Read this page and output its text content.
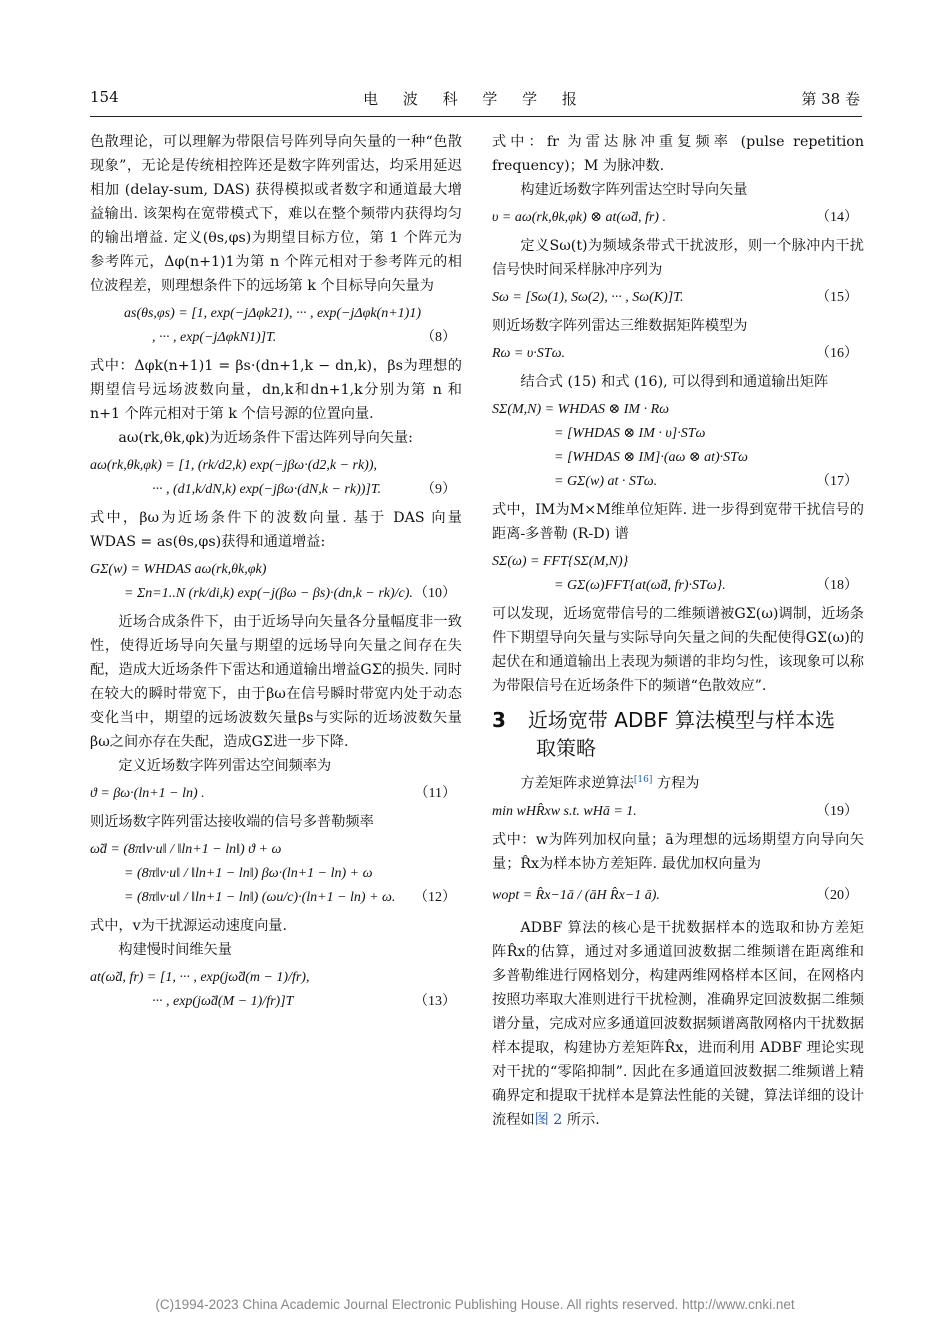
154	电 波 科 学 学 报	第 38 卷

色散理论，可以理解为带限信号阵列导向矢量的一种“色散现象”，无论是传统相控阵还是数字阵列雷达，均采用延迟相加 (delay-sum, DAS) 获得模拟或者数字和通道最大增益输出. 该架构在宽带模式下，难以在整个频带内获得均匀的输出增益. 定义(θs,φs)为期望目标方位，第 1 个阵元为参考阵元，Δφ(n+1)1为第 n 个阵元相对于参考阵元的相位波程差，则理想条件下的远场第 k 个目标导向矢量为

（8）
as(θs,φs) = [1, exp(−jΔφk21), ··· , exp(−jΔφk(n+1)1)
, ··· , exp(−jΔφkN1)]T.

式中：Δφk(n+1)1 = βs·(dn+1,k − dn,k)，βs为理想的期望信号远场波数向量，dn,k和dn+1,k分别为第 n 和 n+1 个阵元相对于第 k 个信号源的位置向量.

aω(rk,θk,φk)为近场条件下雷达阵列导向矢量:

（9）
aω(rk,θk,φk) = [1, (rk/d2,k) exp(−jβω·(d2,k − rk)),
··· , (d1,k/dN,k) exp(−jβω·(dN,k − rk))]T.

式中，βω为近场条件下的波数向量. 基于 DAS 向量 WDAS = as(θs,φs)获得和通道增益:

（10）
GΣ(w) = WHDAS aω(rk,θk,φk)
= Σn=1..N (rk/di,k) exp(−j(βω − βs)·(dn,k − rk)/c).

近场合成条件下，由于近场导向矢量各分量幅度非一致性，使得近场导向矢量与期望的远场导向矢量之间存在失配，造成大近场条件下雷达和通道输出增益GΣ的损失. 同时在较大的瞬时带宽下，由于βω在信号瞬时带宽内处于动态变化当中，期望的远场波数矢量βs与实际的近场波数矢量βω之间亦存在失配，造成GΣ进一步下降.

定义近场数字阵列雷达空间频率为

（11）
ϑ = βω·(ln+1 − ln) .

则近场数字阵列雷达接收端的信号多普勒频率

（12）
ω̃d = (8π‖v·u‖ / ‖ln+1 − ln‖) ϑ + ω
= (8π‖v·u‖ / ‖ln+1 − ln‖) βω·(ln+1 − ln) + ω
= (8π‖v·u‖ / ‖ln+1 − ln‖) (ωu/c)·(ln+1 − ln) + ω.

式中，v为干扰源运动速度向量.

构建慢时间维矢量

（13）
at(ω̃d, fr) = [1, ··· , exp(jω̃d(m − 1)/fr),
··· , exp(jω̃d(M − 1)/fr)]T

式中：fr 为雷达脉冲重复频率 (pulse repetition frequency)；M 为脉冲数.

构建近场数字阵列雷达空时导向矢量

（14）
υ = aω(rk,θk,φk) ⊗ at(ω̃d, fr) .

定义Sω(t)为频域条带式干扰波形，则一个脉冲内干扰信号快时间采样脉冲序列为

（15）
Sω = [Sω(1), Sω(2), ··· , Sω(K)]T.

则近场数字阵列雷达三维数据矩阵模型为

（16）
Rω = υ·STω.

结合式 (15) 和式 (16), 可以得到和通道输出矩阵

（17）
SΣ(M,N) = WHDAS ⊗ IM · Rω
= [WHDAS ⊗ IM · υ]·STω
= [WHDAS ⊗ IM]·(aω ⊗ at)·STω
= GΣ(w) at · STω.

式中，IM为M×M维单位矩阵. 进一步得到宽带干扰信号的距离-多普勒 (R-D) 谱

（18）
SΣ(ω) = FFT{SΣ(M,N)}
= GΣ(ω)FFT{at(ω̃d, fr)·STω}.

可以发现，近场宽带信号的二维频谱被GΣ(ω)调制，近场条件下期望导向矢量与实际导向矢量之间的失配使得GΣ(ω)的起伏在和通道输出上表现为频谱的非均匀性，该现象可以称为带限信号在近场条件下的频谱“色散效应”.

3 近场宽带 ADBF 算法模型与样本选
取策略

方差矩阵求逆算法[16] 方程为

（19）
min wHR̂xw s.t. wHā = 1.

式中：w为阵列加权向量；ā为理想的远场期望方向导向矢量；R̂x为样本协方差矩阵. 最优加权向量为

（20）
wopt = R̂x−1ā / (āH R̂x−1 ā).

ADBF 算法的核心是干扰数据样本的选取和协方差矩阵R̂x的估算，通过对多通道回波数据二维频谱在距离维和多普勒维进行网格划分，构建两维网格样本区间，在网格内按照功率取大准则进行干扰检测，准确界定回波数据二维频谱分量，完成对应多通道回波数据频谱离散网格内干扰数据样本提取，构建协方差矩阵R̂x，进而利用 ADBF 理论实现对干扰的“零陷抑制”. 因此在多通道回波数据二维频谱上精确界定和提取干扰样本是算法性能的关键，算法详细的设计流程如图 2 所示.

(C)1994-2023 China Academic Journal Electronic Publishing House. All rights reserved. http://www.cnki.net
